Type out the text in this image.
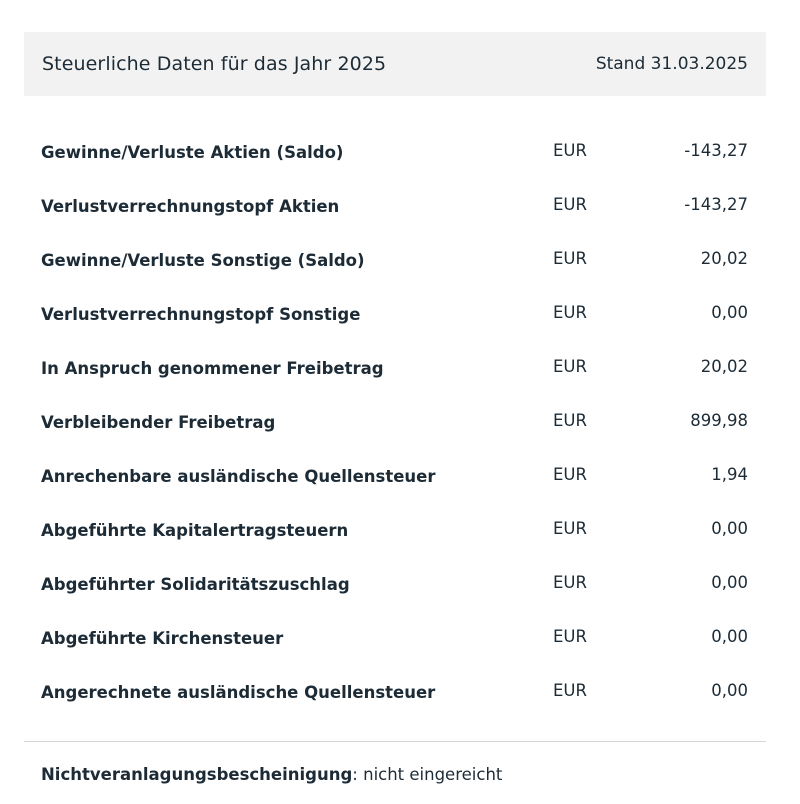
Steuerliche Daten für das Jahr 2025	Stand 31.03.2025
Gewinne/Verluste Aktien (Saldo)	EUR	-143,27
Verlustverrechnungstopf Aktien	EUR	-143,27
Gewinne/Verluste Sonstige (Saldo)	EUR	20,02
Verlustverrechnungstopf Sonstige	EUR	0,00
In Anspruch genommener Freibetrag	EUR	20,02
Verbleibender Freibetrag	EUR	899,98
Anrechenbare ausländische Quellensteuer	EUR	1,94
Abgeführte Kapitalertragsteuern	EUR	0,00
Abgeführter Solidaritätszuschlag	EUR	0,00
Abgeführte Kirchensteuer	EUR	0,00
Angerechnete ausländische Quellensteuer	EUR	0,00
Nichtveranlagungsbescheinigung: nicht eingereicht
